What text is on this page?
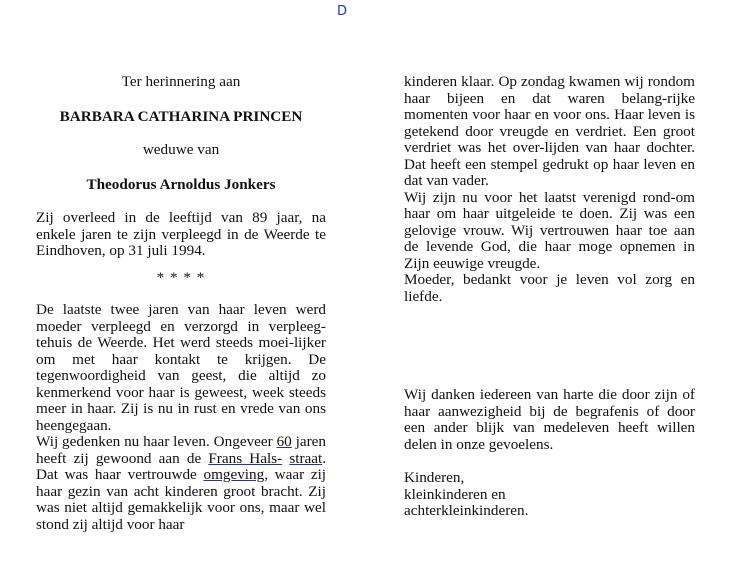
D
Ter herinnering aan
BARBARA CATHARINA PRINCEN
weduwe van
Theodorus Arnoldus Jonkers

Zij overleed in de leeftijd van 89 jaar, na enkele jaren te zijn verpleegd in de Weerde te Eindhoven, op 31 juli 1994.

* * * *

De laatste twee jaren van haar leven werd moeder verpleegd en verzorgd in verpleeg-tehuis de Weerde. Het werd steeds moei-lijker om met haar kontakt te krijgen. De tegenwoordigheid van geest, die altijd zo kenmerkend voor haar is geweest, week steeds meer in haar. Zij is nu in rust en vrede van ons heengegaan.

Wij gedenken nu haar leven. Ongeveer 60 jaren heeft zij gewoond aan de Frans Hals- straat. Dat was haar vertrouwde omgeving, waar zij haar gezin van acht kinderen groot bracht. Zij was niet altijd gemakkelijk voor ons, maar wel stond zij altijd voor haar

kinderen klaar. Op zondag kwamen wij rondom haar bijeen en dat waren belang-rijke momenten voor haar en voor ons. Haar leven is getekend door vreugde en verdriet. Een groot verdriet was het over-lijden van haar dochter. Dat heeft een stempel gedrukt op haar leven en dat van vader.

Wij zijn nu voor het laatst verenigd rond-om haar om haar uitgeleide te doen. Zij was een gelovige vrouw. Wij vertrouwen haar toe aan de levende God, die haar moge opnemen in Zijn eeuwige vreugde.

Moeder, bedankt voor je leven vol zorg en liefde.

Wij danken iedereen van harte die door zijn of haar aanwezigheid bij de begrafenis of door een ander blijk van medeleven heeft willen delen in onze gevoelens.

Kinderen,
kleinkinderen en
achterkleinkinderen.
